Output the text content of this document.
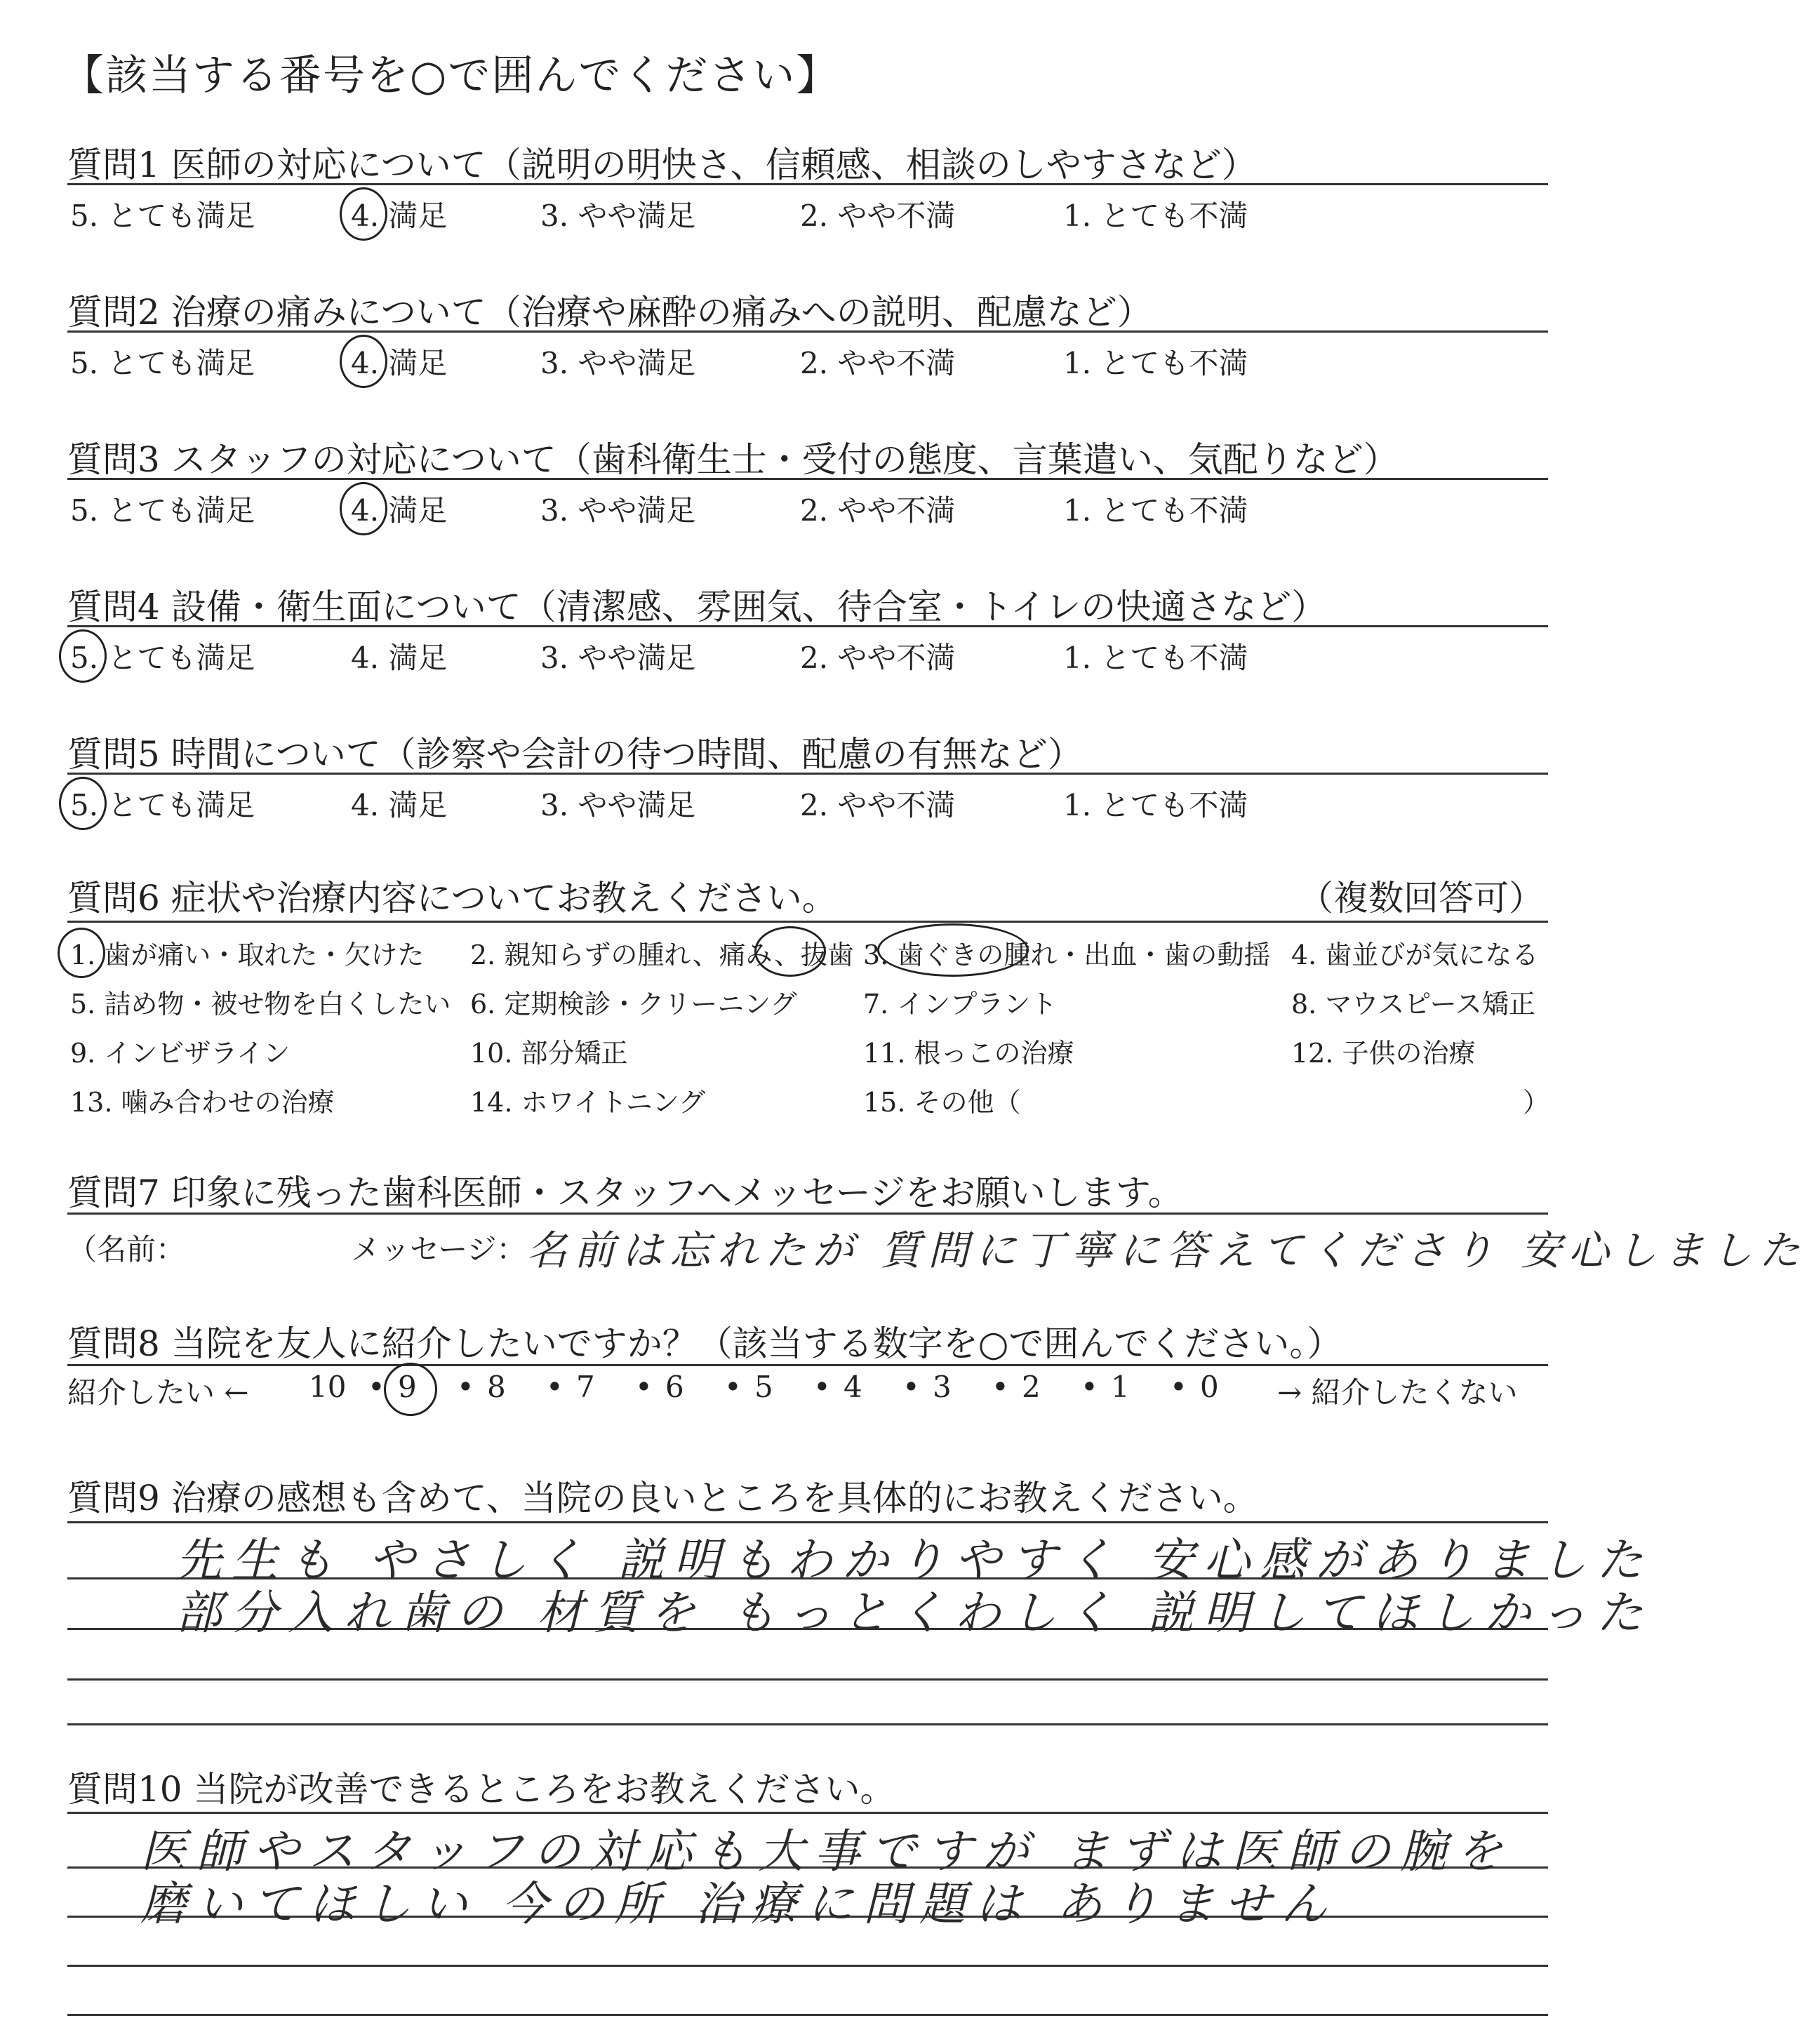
【該当する番号を○で囲んでください】
質問1 医師の対応について（説明の明快さ、信頼感、相談のしやすさなど）
5. とても満足	4. 満足	3. やや満足	2. やや不満	1. とても不満
質問2 治療の痛みについて（治療や麻酔の痛みへの説明、配慮など）
5. とても満足	4. 満足	3. やや満足	2. やや不満	1. とても不満
質問3 スタッフの対応について（歯科衛生士・受付の態度、言葉遣い、気配りなど）
5. とても満足	4. 満足	3. やや満足	2. やや不満	1. とても不満
質問4 設備・衛生面について（清潔感、雰囲気、待合室・トイレの快適さなど）
5. とても満足	4. 満足	3. やや満足	2. やや不満	1. とても不満
質問5 時間について（診察や会計の待つ時間、配慮の有無など）
5. とても満足	4. 満足	3. やや満足	2. やや不満	1. とても不満
質問6 症状や治療内容についてお教えください。	（複数回答可）
1. 歯が痛い・取れた・欠けた 2. 親知らずの腫れ、痛み、抜歯 3. 歯ぐきの腫れ・出血・歯の動揺 4. 歯並びが気になる
5. 詰め物・被せ物を白くしたい 6. 定期検診・クリーニング 7. インプラント	8. マウスピース矯正
9. インビザライン	10. 部分矯正	11. 根っこの治療	12. 子供の治療
13. 噛み合わせの治療	14. ホワイトニング	15. その他（	）
質問7 印象に残った歯科医師・スタッフへメッセージをお願いします。
（名前：	メッセージ： 名前は忘れたが 質問に丁寧に答えてくださり 安心しました
質問8 当院を友人に紹介したいですか？（該当する数字を○で囲んでください。）
紹介したい ←	→ 紹介したくない
10 • 9 • 8 • 7 • 6 • 5 • 4 • 3 • 2 • 1 • 0
質問9 治療の感想も含めて、当院の良いところを具体的にお教えください。
先生も やさしく 説明もわかりやすく 安心感がありました
部分入れ歯の 材質を もっとくわしく 説明してほしかった
質問10 当院が改善できるところをお教えください。
医師やスタッフの対応も大事ですが まずは医師の腕を
磨いてほしい 今の所 治療に問題は ありません
